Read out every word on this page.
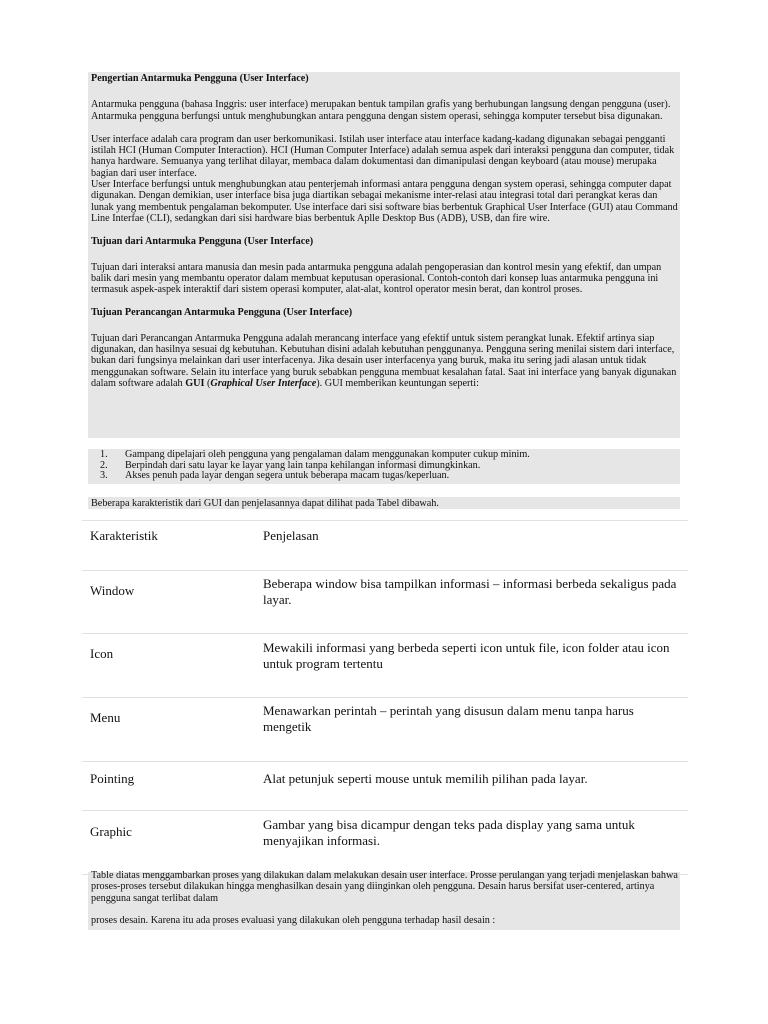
Pengertian Antarmuka Pengguna (User Interface)

Antarmuka pengguna (bahasa Inggris: user interface) merupakan bentuk tampilan grafis yang berhubungan langsung dengan pengguna (user). Antarmuka pengguna berfungsi untuk menghubungkan antara pengguna dengan sistem operasi, sehingga komputer tersebut bisa digunakan.

User interface adalah cara program dan user berkomunikasi. Istilah user interface atau interface kadang-kadang digunakan sebagai pengganti istilah HCI (Human Computer Interaction). HCI (Human Computer Interface) adalah semua aspek dari interaksi pengguna dan computer, tidak hanya hardware. Semuanya yang terlihat dilayar, membaca dalam dokumentasi dan dimanipulasi dengan keyboard (atau mouse) merupaka bagian dari user interface.

User Interface berfungsi untuk menghubungkan atau penterjemah informasi antara pengguna dengan system operasi, sehingga computer dapat digunakan. Dengan demikian, user interface bisa juga diartikan sebagai mekanisme inter-relasi atau integrasi total dari perangkat keras dan lunak yang membentuk pengalaman bekomputer. Use interface dari sisi software bias berbentuk Graphical User Interface (GUI) atau Command Line Interfae (CLI), sedangkan dari sisi hardware bias berbentuk Aplle Desktop Bus (ADB), USB, dan fire wire.

Tujuan dari Antarmuka Pengguna (User Interface)

Tujuan dari interaksi antara manusia dan mesin pada antarmuka pengguna adalah pengoperasian dan kontrol mesin yang efektif, dan umpan balik dari mesin yang membantu operator dalam membuat keputusan operasional. Contoh-contoh dari konsep luas antarmuka pengguna ini termasuk aspek-aspek interaktif dari sistem operasi komputer, alat-alat, kontrol operator mesin berat, dan kontrol proses.

Tujuan Perancangan Antarmuka Pengguna (User Interface)

Tujuan dari Perancangan Antarmuka Pengguna adalah merancang interface yang efektif untuk sistem perangkat lunak. Efektif artinya siap digunakan, dan hasilnya sesuai dg kebutuhan. Kebutuhan disini adalah kebutuhan penggunanya. Pengguna sering menilai sistem dari interface, bukan dari fungsinya melainkan dari user interfacenya. Jika desain user interfacenya yang buruk, maka itu sering jadi alasan untuk tidak menggunakan software. Selain itu interface yang buruk sebabkan pengguna membuat kesalahan fatal. Saat ini interface yang banyak digunakan dalam software adalah GUI (Graphical User Interface). GUI memberikan keuntungan seperti:

1.	Gampang dipelajari oleh pengguna yang pengalaman dalam menggunakan komputer cukup minim.
2.	Berpindah dari satu layar ke layar yang lain tanpa kehilangan informasi dimungkinkan.
3.	Akses penuh pada layar dengan segera untuk beberapa macam tugas/keperluan.
Beberapa karakteristik dari GUI dan penjelasannya dapat dilihat pada Tabel dibawah.
Karakteristik	Penjelasan
Window	Beberapa window bisa tampilkan informasi – informasi berbeda sekaligus pada layar.
Icon	Mewakili informasi yang berbeda seperti icon untuk file, icon folder atau icon untuk program tertentu
Menu	Menawarkan perintah – perintah yang disusun dalam menu tanpa harus mengetik
Pointing	Alat petunjuk seperti mouse untuk memilih pilihan pada layar.
Graphic	Gambar yang bisa dicampur dengan teks pada display yang sama untuk menyajikan informasi.

Table diatas menggambarkan proses yang dilakukan dalam melakukan desain user interface. Prosse perulangan yang terjadi menjelaskan bahwa proses-proses tersebut dilakukan hingga menghasilkan desain yang diinginkan oleh pengguna. Desain harus bersifat user-centered, artinya pengguna sangat terlibat dalam

proses desain. Karena itu ada proses evaluasi yang dilakukan oleh pengguna terhadap hasil desain :
